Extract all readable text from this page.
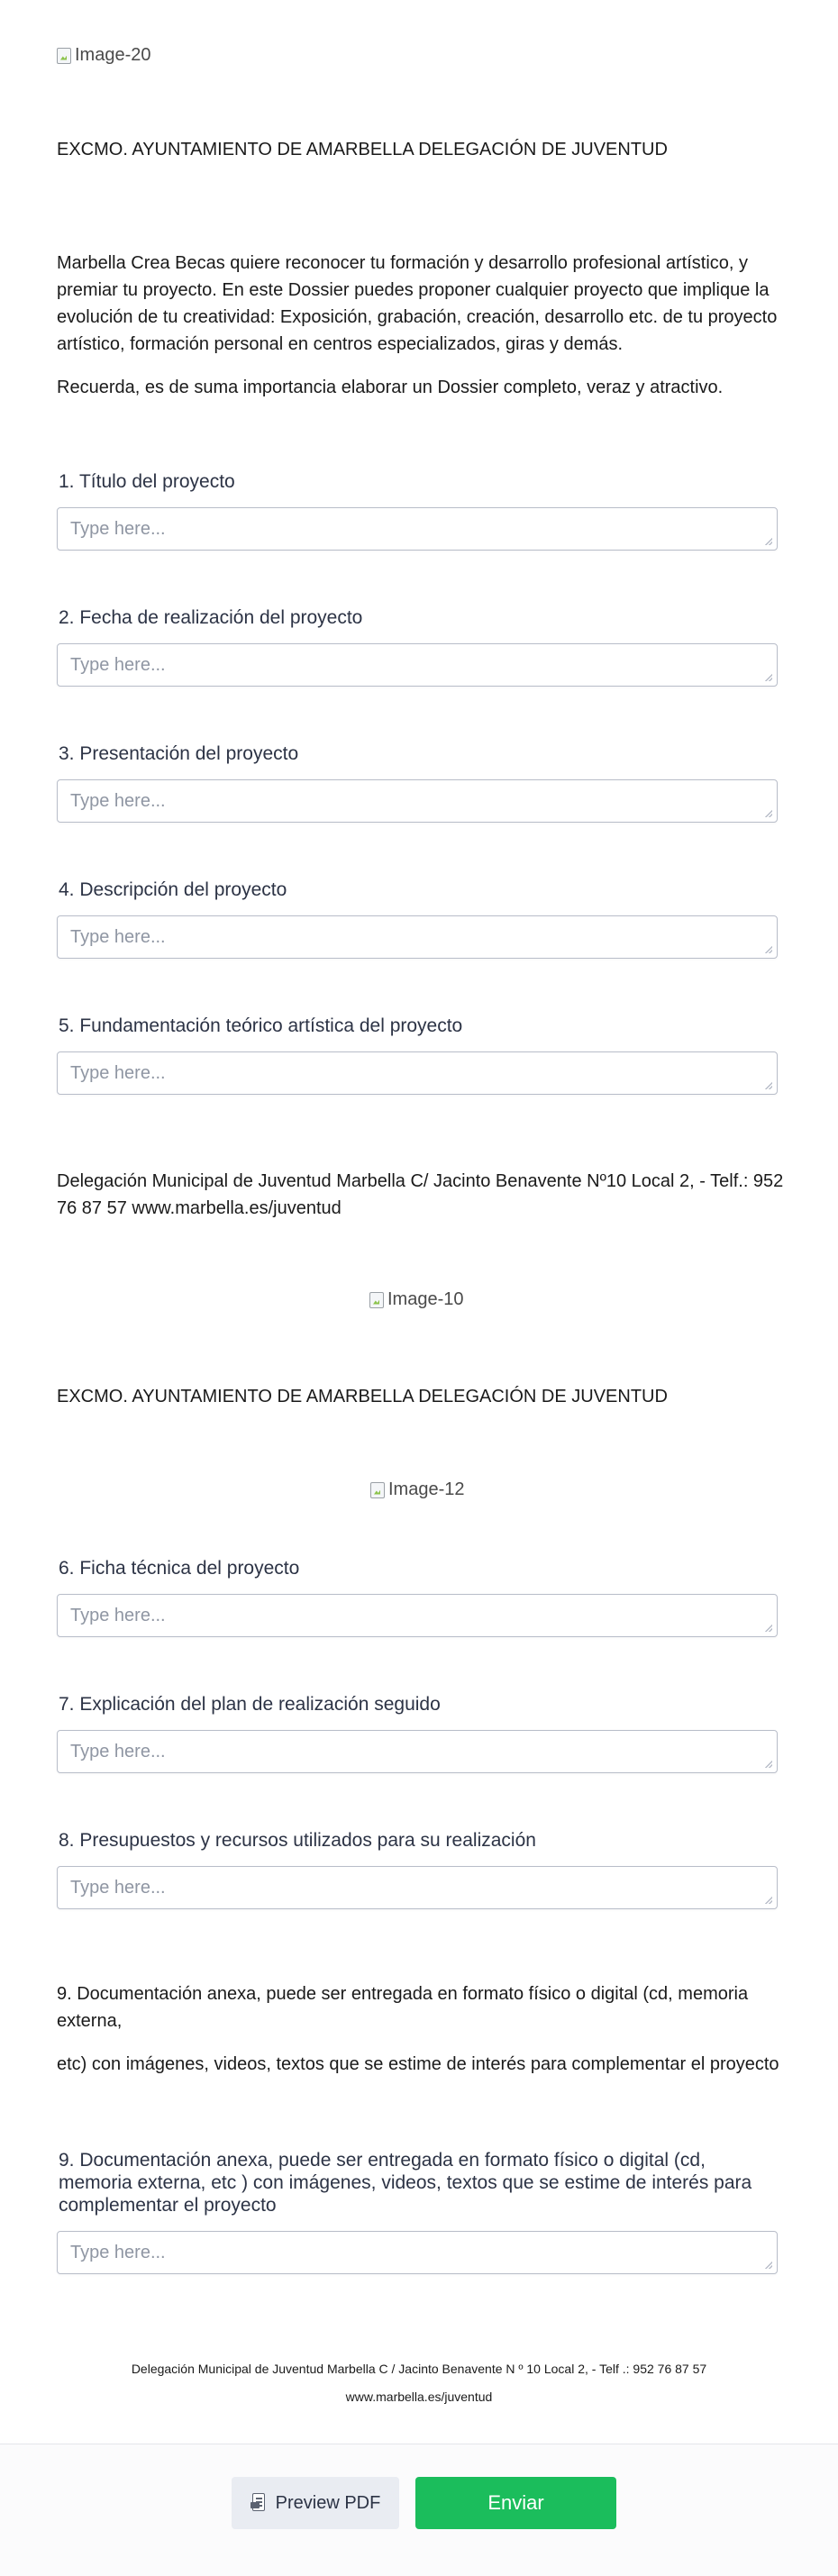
Image-20
EXCMO. AYUNTAMIENTO DE AMARBELLA DELEGACIÓN DE JUVENTUD
Marbella Crea Becas quiere reconocer tu formación y desarrollo profesional artístico, y premiar tu proyecto. En este Dossier puedes proponer cualquier proyecto que implique la evolución de tu creatividad: Exposición, grabación, creación, desarrollo etc. de tu proyecto artístico, formación personal en centros especializados, giras y demás.
Recuerda, es de suma importancia elaborar un Dossier completo, veraz y atractivo.
1. Título del proyecto
Type here...
2. Fecha de realización del proyecto
Type here...
3. Presentación del proyecto
Type here...
4. Descripción del proyecto
Type here...
5. Fundamentación teórico artística del proyecto
Type here...
Delegación Municipal de Juventud Marbella C/ Jacinto Benavente Nº10 Local 2, - Telf.: 952 76 87 57 www.marbella.es/juventud
Image-10
EXCMO. AYUNTAMIENTO DE AMARBELLA DELEGACIÓN DE JUVENTUD
Image-12
6. Ficha técnica del proyecto
Type here...
7. Explicación del plan de realización seguido
Type here...
8. Presupuestos y recursos utilizados para su realización
Type here...
9. Documentación anexa, puede ser entregada en formato físico o digital (cd, memoria externa,
etc) con imágenes, videos, textos que se estime de interés para complementar el proyecto
9. Documentación anexa, puede ser entregada en formato físico o digital (cd, memoria externa, etc ) con imágenes, videos, textos que se estime de interés para complementar el proyecto
Type here...
Delegación Municipal de Juventud Marbella C / Jacinto Benavente N º 10 Local 2, - Telf .: 952 76 87 57
www.marbella.es/juventud
Preview PDF	Enviar
